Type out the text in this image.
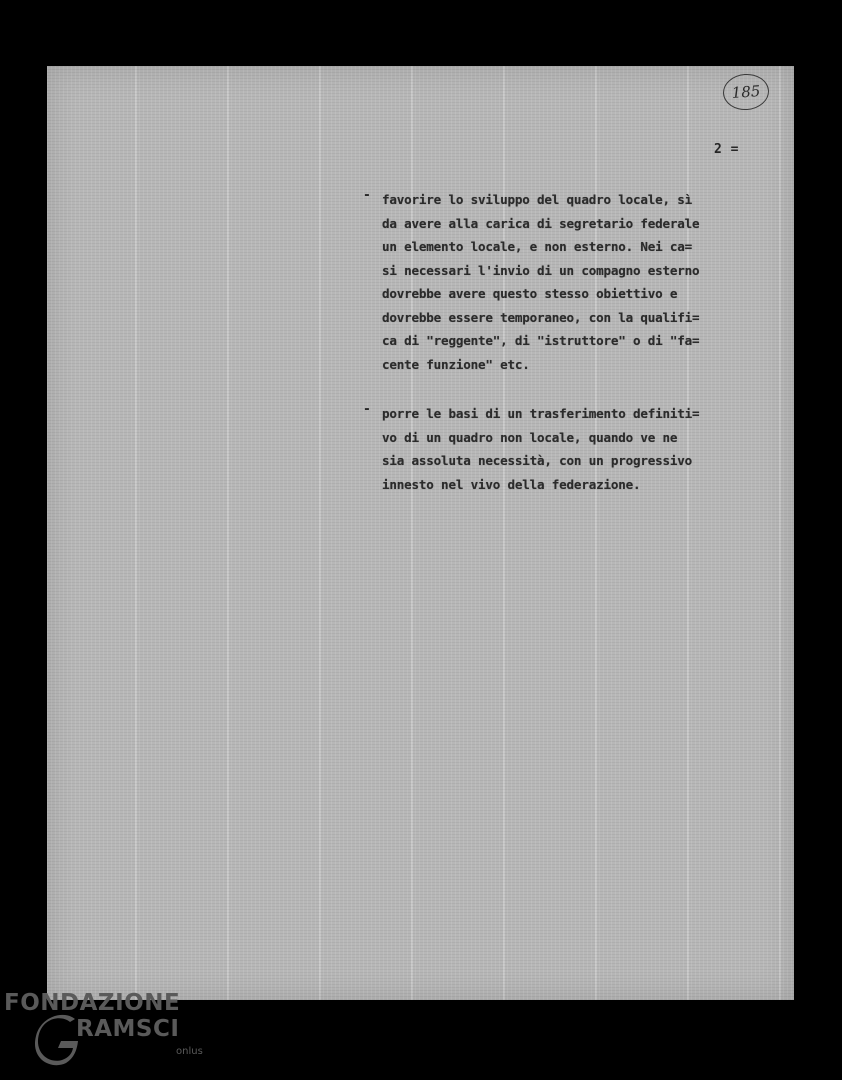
185
2 =
- favorire lo sviluppo del quadro locale, sì
da avere alla carica di segretario federale
un elemento locale, e non esterno. Nei ca=
si necessari l'invio di un compagno esterno
dovrebbe avere questo stesso obiettivo e
dovrebbe essere temporaneo, con la qualifi=
ca di "reggente", di "istruttore" o di "fa=
cente funzione" etc.
- porre le basi di un trasferimento definiti=
vo di un quadro non locale, quando ve ne
sia assoluta necessità, con un progressivo
innesto nel vivo della federazione.
FONDAZIONE
RAMSCI
onlus
